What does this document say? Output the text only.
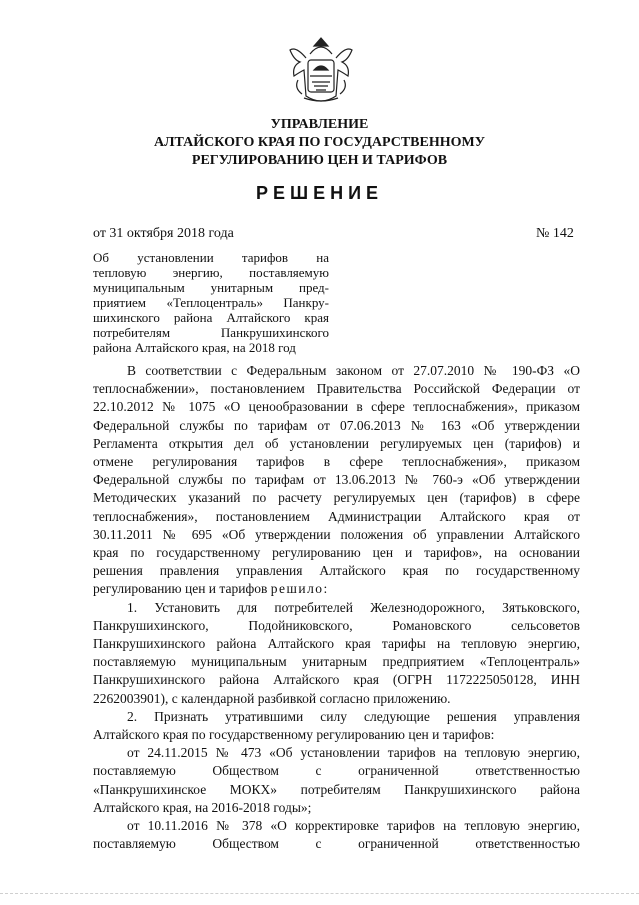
УПРАВЛЕНИЕ
АЛТАЙСКОГО КРАЯ ПО ГОСУДАРСТВЕННОМУ
РЕГУЛИРОВАНИЮ ЦЕН И ТАРИФОВ
РЕШЕНИЕ
от 31 октября 2018 года	№ 142
Об установлении тарифов на
тепловую энергию, поставляемую
муниципальным унитарным пред-
приятием «Теплоцентраль» Панкру-
шихинского района Алтайского края
потребителям Панкрушихинского
района Алтайского края, на 2018 год
В соответствии с Федеральным законом от 27.07.2010 № 190-ФЗ «О
теплоснабжении», постановлением Правительства Российской Федерации от
22.10.2012 № 1075 «О ценообразовании в сфере теплоснабжения», приказом
Федеральной службы по тарифам от 07.06.2013 № 163 «Об утверждении
Регламента открытия дел об установлении регулируемых цен (тарифов) и
отмене регулирования тарифов в сфере теплоснабжения», приказом
Федеральной службы по тарифам от 13.06.2013 № 760-э «Об утверждении
Методических указаний по расчету регулируемых цен (тарифов) в сфере
теплоснабжения», постановлением Администрации Алтайского края от
30.11.2011 № 695 «Об утверждении положения об управлении Алтайского
края по государственному регулированию цен и тарифов», на основании
решения правления управления Алтайского края по государственному
регулированию цен и тарифов решило:
1. Установить для потребителей Железнодорожного, Зятьковского,
Панкрушихинского, Подойниковского, Романовского сельсоветов
Панкрушихинского района Алтайского края тарифы на тепловую энергию,
поставляемую муниципальным унитарным предприятием «Теплоцентраль»
Панкрушихинского района Алтайского края (ОГРН 1172225050128, ИНН
2262003901), с календарной разбивкой согласно приложению.
2. Признать утратившими силу следующие решения управления
Алтайского края по государственному регулированию цен и тарифов:
от 24.11.2015 № 473 «Об установлении тарифов на тепловую энергию,
поставляемую Обществом с ограниченной ответственностью
«Панкрушихинское МОКХ» потребителям Панкрушихинского района
Алтайского края, на 2016-2018 годы»;
от 10.11.2016 № 378 «О корректировке тарифов на тепловую энергию,
поставляемую Обществом с ограниченной ответственностью
